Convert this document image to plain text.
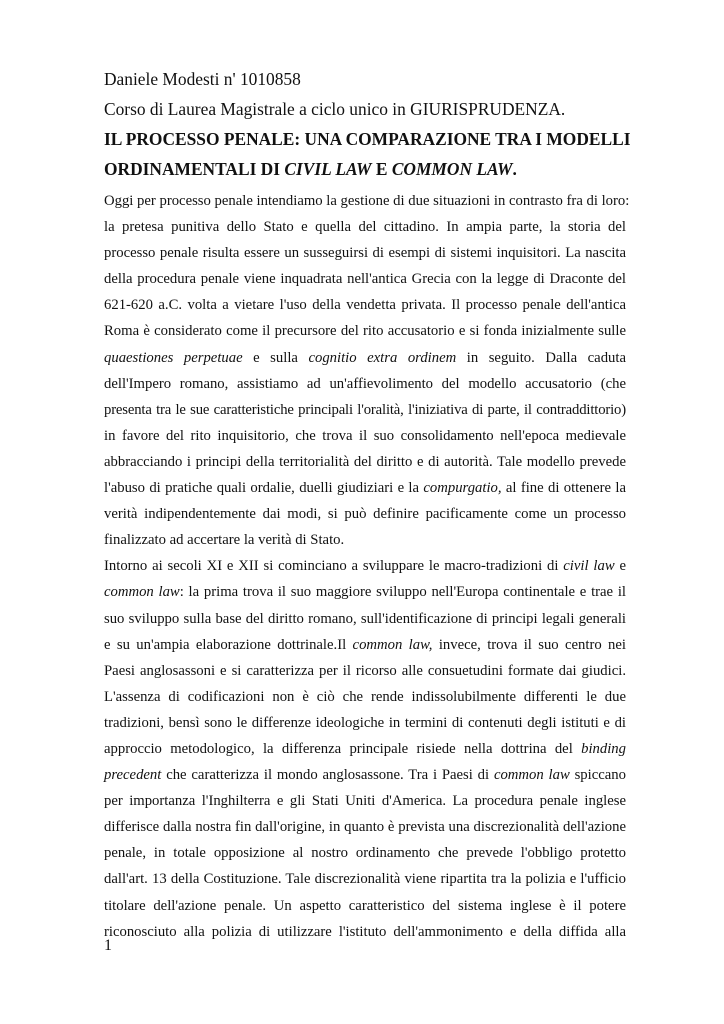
Daniele Modesti n' 1010858

Corso di Laurea Magistrale a ciclo unico in GIURISPRUDENZA.

IL PROCESSO PENALE: UNA COMPARAZIONE TRA I MODELLI
ORDINAMENTALI DI CIVIL LAW E COMMON LAW.
Oggi per processo penale intendiamo la gestione di due situazioni in contrasto fra di loro:
la pretesa punitiva dello Stato e quella del cittadino. In ampia parte, la storia del
processo penale risulta essere un susseguirsi di esempi di sistemi inquisitori. La nascita
della procedura penale viene inquadrata nell'antica Grecia con la legge di Draconte del
621-620 a.C. volta a vietare l'uso della vendetta privata. Il processo penale dell'antica
Roma è considerato come il precursore del rito accusatorio e si fonda inizialmente sulle
quaestiones perpetuae e sulla cognitio extra ordinem in seguito. Dalla caduta
dell'Impero romano, assistiamo ad un'affievolimento del modello accusatorio (che
presenta tra le sue caratteristiche principali l'oralità, l'iniziativa di parte, il contraddittorio)
in favore del rito inquisitorio, che trova il suo consolidamento nell'epoca medievale
abbracciando i principi della territorialità del diritto e di autorità. Tale modello prevede
l'abuso di pratiche quali ordalie, duelli giudiziari e la compurgatio, al fine di ottenere la
verità indipendentemente dai modi, si può definire pacificamente come un processo
finalizzato ad accertare la verità di Stato.
Intorno ai secoli XI e XII si cominciano a sviluppare le macro-tradizioni di civil law e
common law: la prima trova il suo maggiore sviluppo nell'Europa continentale e trae il
suo sviluppo sulla base del diritto romano, sull'identificazione di principi legali generali
e su un'ampia elaborazione dottrinale.Il common law, invece, trova il suo centro nei
Paesi anglosassoni e si caratterizza per il ricorso alle consuetudini formate dai giudici.
L'assenza di codificazioni non è ciò che rende indissolubilmente differenti le due
tradizioni, bensì sono le differenze ideologiche in termini di contenuti degli istituti e di
approccio metodologico, la differenza principale risiede nella dottrina del binding
precedent che caratterizza il mondo anglosassone. Tra i Paesi di common law spiccano
per importanza l'Inghilterra e gli Stati Uniti d'America. La procedura penale inglese
differisce dalla nostra fin dall'origine, in quanto è prevista una discrezionalità dell'azione
penale, in totale opposizione al nostro ordinamento che prevede l'obbligo protetto
dall'art. 13 della Costituzione. Tale discrezionalità viene ripartita tra la polizia e l'ufficio
titolare dell'azione penale. Un aspetto caratteristico del sistema inglese è il potere
riconosciuto alla polizia di utilizzare l'istituto dell'ammonimento e della diffida alla
1
